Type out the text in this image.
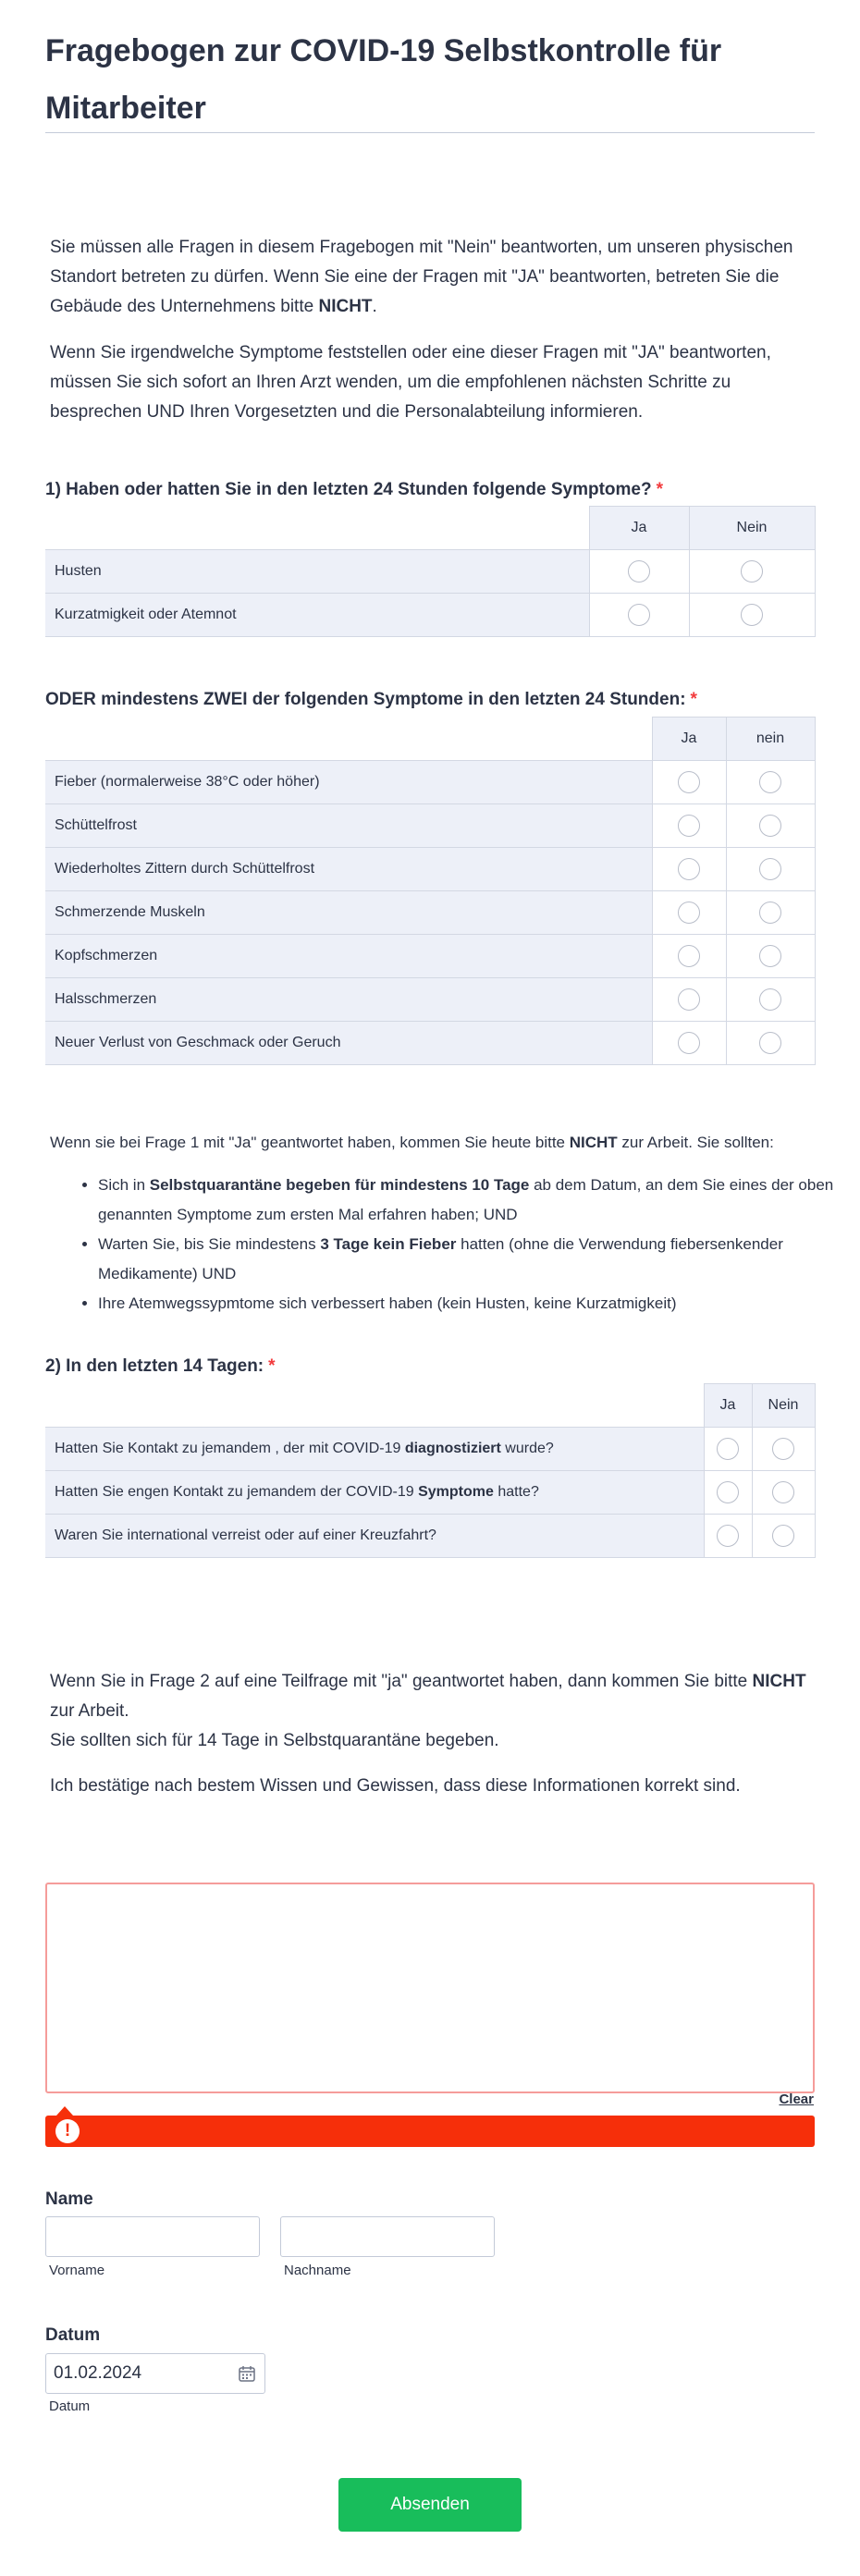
Fragebogen zur COVID-19 Selbstkontrolle für Mitarbeiter

Sie müssen alle Fragen in diesem Fragebogen mit "Nein" beantworten, um unseren physischen Standort betreten zu dürfen. Wenn Sie eine der Fragen mit "JA" beantworten, betreten Sie die Gebäude des Unternehmens bitte NICHT.

Wenn Sie irgendwelche Symptome feststellen oder eine dieser Fragen mit "JA" beantworten, müssen Sie sich sofort an Ihren Arzt wenden, um die empfohlenen nächsten Schritte zu besprechen UND Ihren Vorgesetzten und die Personalabteilung informieren.

1) Haben oder hatten Sie in den letzten 24 Stunden folgende Symptome? *
	Ja	Nein
Husten		
Kurzatmigkeit oder Atemnot		
ODER mindestens ZWEI der folgenden Symptome in den letzten 24 Stunden: *
	Ja	nein
Fieber (normalerweise 38°C oder höher)		
Schüttelfrost		
Wiederholtes Zittern durch Schüttelfrost		
Schmerzende Muskeln		
Kopfschmerzen		
Halsschmerzen		
Neuer Verlust von Geschmack oder Geruch		

Wenn sie bei Frage 1 mit "Ja" geantwortet haben, kommen Sie heute bitte NICHT zur Arbeit. Sie sollten:

• Sich in Selbstquarantäne begeben für mindestens 10 Tage ab dem Datum, an dem Sie eines der oben genannten Symptome zum ersten Mal erfahren haben; UND
• Warten Sie, bis Sie mindestens 3 Tage kein Fieber hatten (ohne die Verwendung fiebersenkender Medikamente) UND
• Ihre Atemwegssypmtome sich verbessert haben (kein Husten, keine Kurzatmigkeit)
2) In den letzten 14 Tagen: *
	Ja	Nein
Hatten Sie Kontakt zu jemandem , der mit COVID-19 diagnostiziert wurde?		
Hatten Sie engen Kontakt zu jemandem der COVID-19 Symptome hatte?		
Waren Sie international verreist oder auf einer Kreuzfahrt?		

Wenn Sie in Frage 2 auf eine Teilfrage mit "ja" geantwortet haben, dann kommen Sie bitte NICHT zur Arbeit.
Sie sollten sich für 14 Tage in Selbstquarantäne begeben.

Ich bestätige nach bestem Wissen und Gewissen, dass diese Informationen korrekt sind.

Clear
!
Name
Vorname	Nachname
Datum
01.02.2024
Datum
Absenden
